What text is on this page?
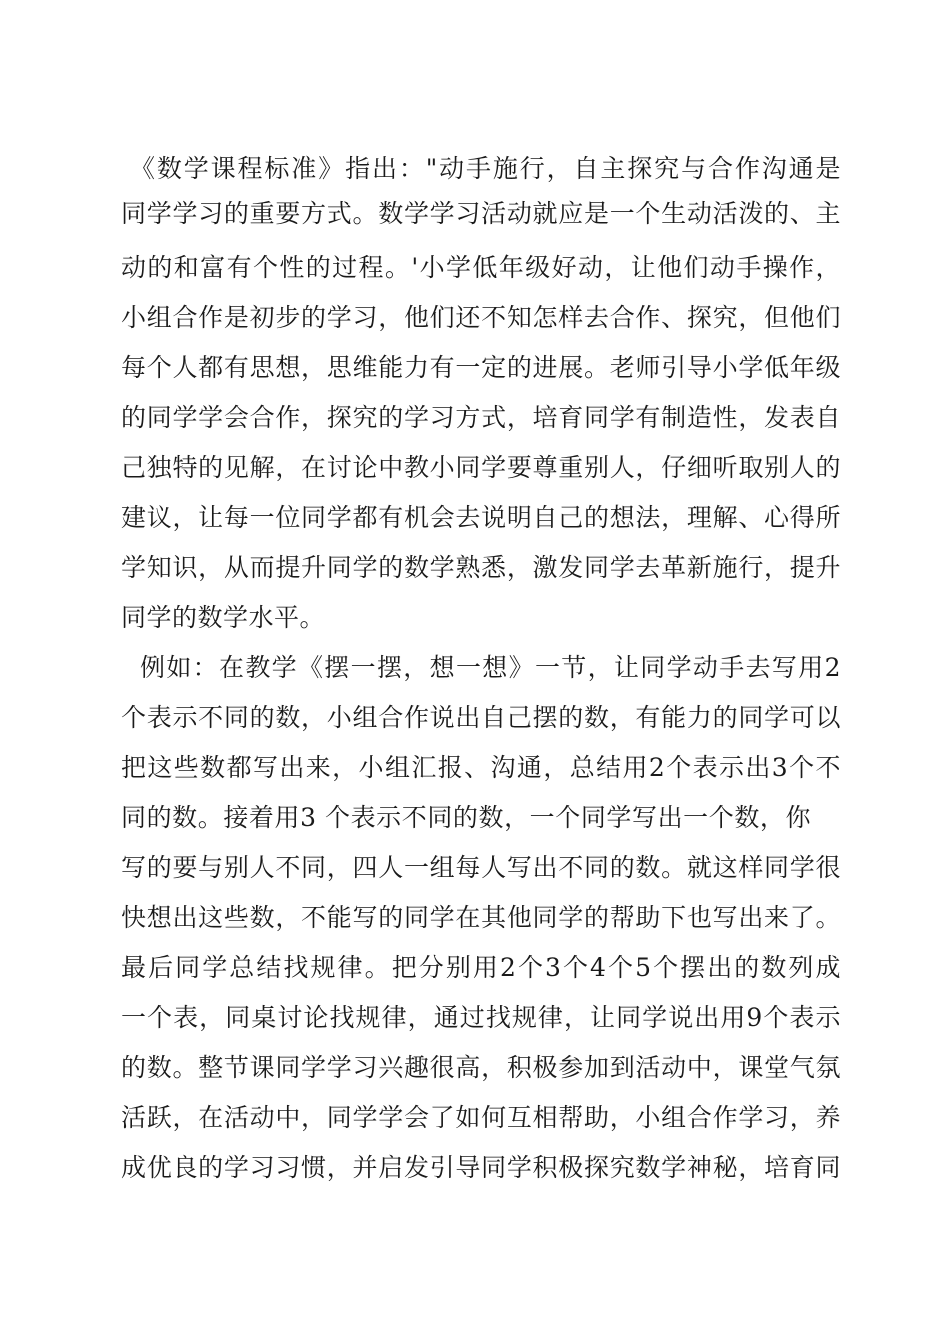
《数学课程标准》指出："动手施行，自主探究与合作沟通是
同学学习的重要方式。数学学习活动就应是一个生动活泼的、主
动的和富有个性的过程。'小学低年级好动，让他们动手操作，
小组合作是初步的学习，他们还不知怎样去合作、探究，但他们
每个人都有思想，思维能力有一定的进展。老师引导小学低年级
的同学学会合作，探究的学习方式，培育同学有制造性，发表自
己独特的见解，在讨论中教小同学要尊重别人，仔细听取别人的
建议，让每一位同学都有机会去说明自己的想法，理解、心得所
学知识，从而提升同学的数学熟悉，激发同学去革新施行，提升
同学的数学水平。
例如：在教学《摆一摆，想一想》一节，让同学动手去写用2
个表示不同的数，小组合作说出自己摆的数，有能力的同学可以
把这些数都写出来，小组汇报、沟通，总结用2个表示出3个不
同的数。接着用3 个表示不同的数，一个同学写出一个数，你
写的要与别人不同，四人一组每人写出不同的数。就这样同学很
快想出这些数，不能写的同学在其他同学的帮助下也写出来了。
最后同学总结找规律。把分别用2个3个4个5个摆出的数列成
一个表，同桌讨论找规律，通过找规律，让同学说出用9个表示
的数。整节课同学学习兴趣很高，积极参加到活动中，课堂气氛
活跃，在活动中，同学学会了如何互相帮助，小组合作学习，养
成优良的学习习惯，并启发引导同学积极探究数学神秘，培育同
